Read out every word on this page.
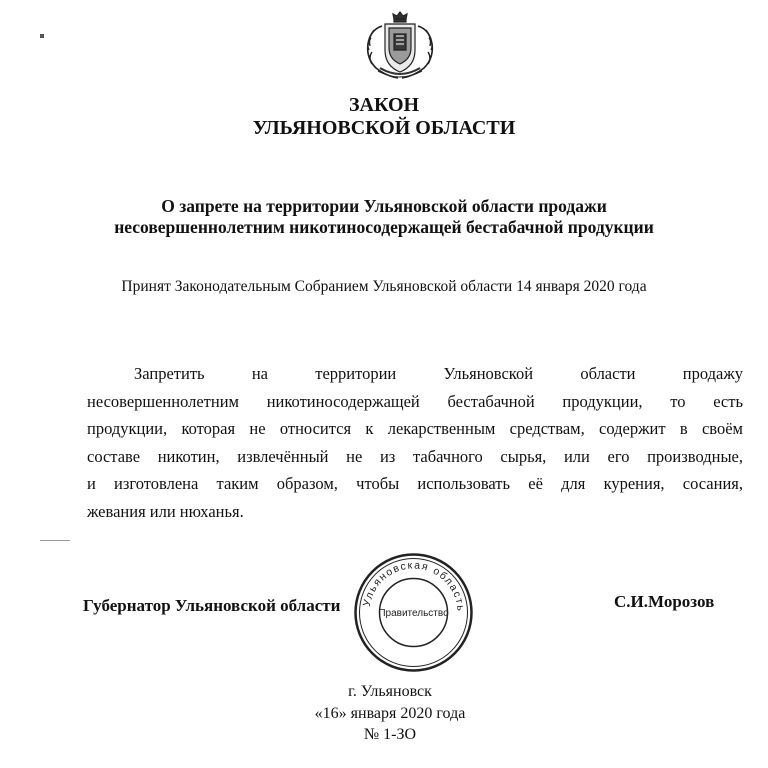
ЗАКОН
УЛЬЯНОВСКОЙ ОБЛАСТИ
О запрете на территории Ульяновской области продажи
несовершеннолетним никотиносодержащей бестабачной продукции
Принят Законодательным Собранием Ульяновской области 14 января 2020 года
Запретить на территории Ульяновской области продажу
несовершеннолетним никотиносодержащей бестабачной продукции, то есть
продукции, которая не относится к лекарственным средствам, содержит в своём
составе никотин, извлечённый не из табачного сырья, или его производные,
и изготовлена таким образом, чтобы использовать её для курения, сосания,
жевания или нюханья.
Губернатор Ульяновской области	С.И.Морозов
Ульяновская область
Правительство
г. Ульяновск
«16» января 2020 года
№ 1-ЗО
